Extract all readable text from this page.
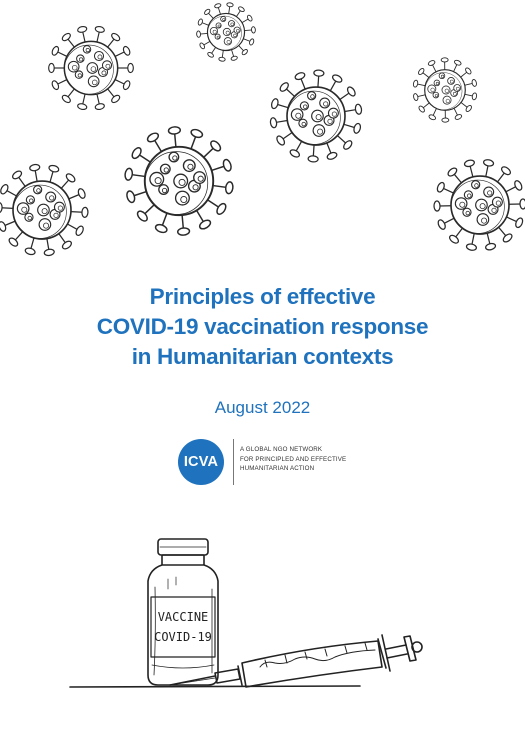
Principles of effective
COVID-19 vaccination response
in Humanitarian contexts
August 2022
ICVA
A GLOBAL NGO NETWORK
FOR PRINCIPLED AND EFFECTIVE
HUMANITARIAN ACTION
VACCINE
COVID-19
